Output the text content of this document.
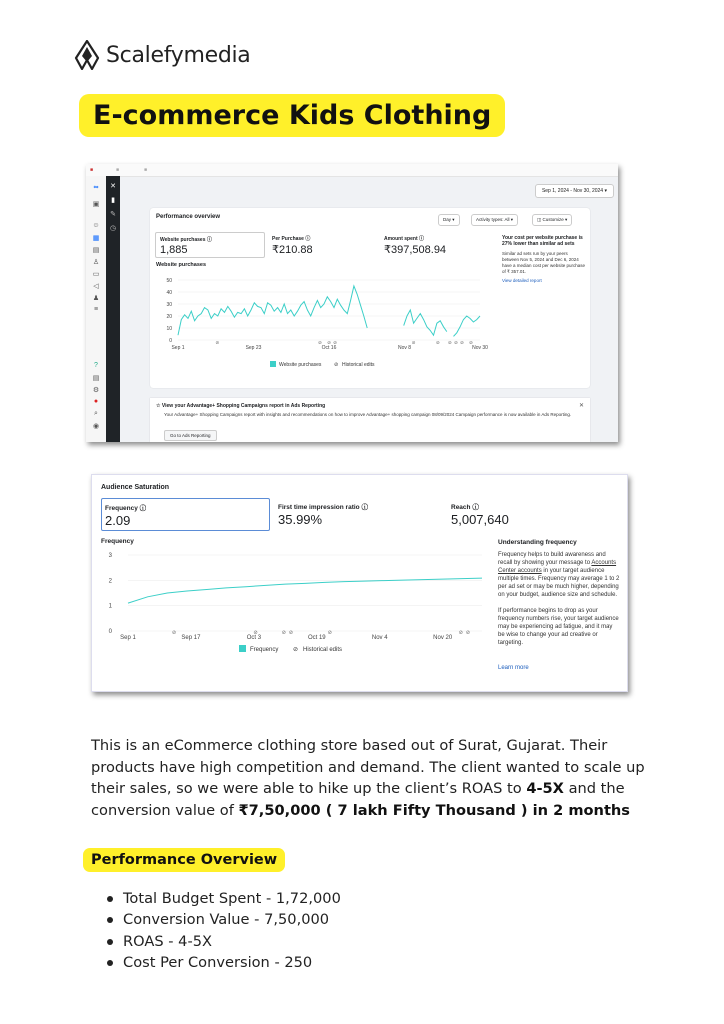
Scalefymedia
E-commerce Kids Clothing
■	■	■
∞
▣
☺
▦
▤
♙
▭
◁
♟
≡
?
▤
⚙
●
⌕
◉
✕
▮
✎
◷
Sep 1, 2024 - Nov 30, 2024 ▾
Performance overview	Day ▾	Activity types: All ▾	◫ Customize ▾
Website purchases ⓘ
1,885
Per Purchase ⓘ
₹210.88
Amount spent ⓘ
₹397,508.94
Your cost per website purchase is 27% lower than similar ad sets
Similar ad sets run by your peers between Nov 5, 2024 and Dec 6, 2024 have a median cost per website purchase of ₹ 357.01.
View detailed report
Website purchases
0
10
20
30
40
50
Sep 1	Sep 23	Oct 16	Nov 8	Nov 30
⊘	⊘ ⊘ ⊘	⊘	⊘ ⊘ ⊘ ⊘ ⊘
Website purchases	⊘ Historical edits
☆ View your Advantage+ Shopping Campaigns report in Ads Reporting	✕
Your Advantage+ Shopping Campaigns report with insights and recommendations on how to improve Advantage+ shopping campaign 08/09/2024 Campaign performance is now available in Ads Reporting.
Go to Ads Reporting
Audience Saturation
Frequency ⓘ
2.09
First time impression ratio ⓘ
35.99%
Reach ⓘ
5,007,640
Frequency
0
1
2
3
Sep 1	Sep 17	Oct 3	Oct 19	Nov 4	Nov 20
⊘	⊘	⊘ ⊘	⊘	⊘ ⊘
Frequency ⊘ Historical edits
Understanding frequency
Frequency helps to build awareness and recall by showing your message to Accounts Center accounts in your target audience multiple times. Frequency may average 1 to 2 per ad set or may be much higher, depending on your budget, audience size and schedule.
If performance begins to drop as your frequency numbers rise, your target audience may be experiencing ad fatigue, and it may be wise to change your ad creative or targeting.
Learn more
This is an eCommerce clothing store based out of Surat, Gujarat. Their products have high competition and demand. The client wanted to scale up their sales, so we were able to hike up the client’s ROAS to 4-5X and the conversion value of ₹7,50,000 ( 7 lakh Fifty Thousand ) in 2 months
Performance Overview
Total Budget Spent - 1,72,000
Conversion Value - 7,50,000
ROAS - 4-5X
Cost Per Conversion - 250
